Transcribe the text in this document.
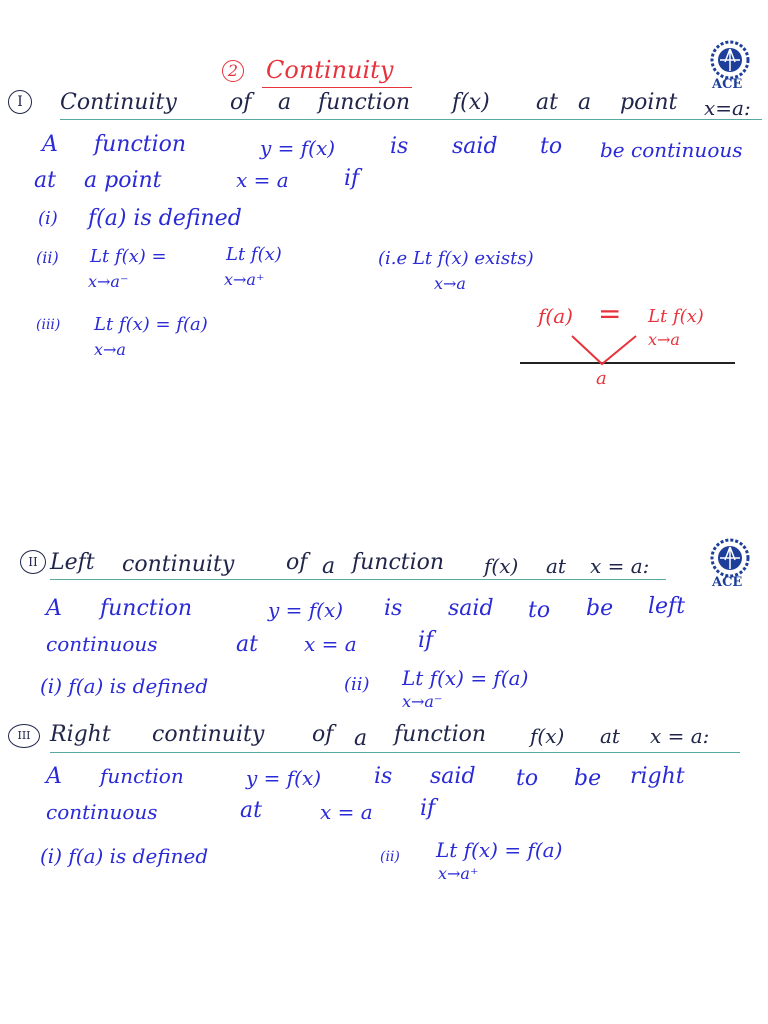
ACE
2 Continuity
I	Continuity of a function f(x) at a point x=a:
A function	y = f(x) is said to be continuous
at a point	x = a	if
(i) f(a) is defined
(ii) Lt f(x) =
x→a⁻
Lt f(x)
x→a⁺
(i.e Lt f(x) exists)
x→a
(iii) Lt f(x) = f(a)
x→a
f(a) = Lt f(x)
x→a
a
ACE
II Left continuity of a function f(x) at x = a:
A function	y = f(x) is said to be left
continuous	at x = a	if
(i) f(a) is defined	(ii) Lt f(x) = f(a)
x→a⁻
III Right continuity of a function f(x) at x = a:
A function	y = f(x) is said to be right
continuous	at	x = a if
(i) f(a) is defined	(ii) Lt f(x) = f(a)
x→a⁺
